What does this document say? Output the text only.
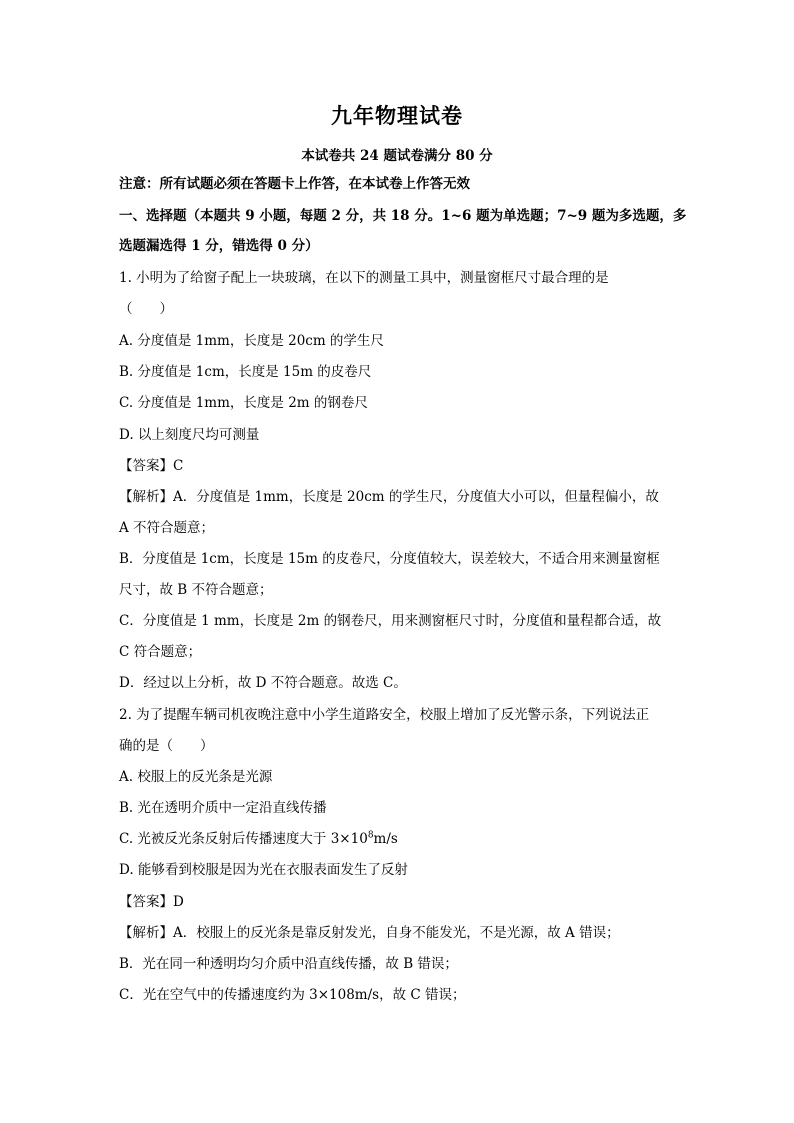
九年物理试卷
本试卷共 24 题试卷满分 80 分
注意：所有试题必须在答题卡上作答，在本试卷上作答无效
一、选择题（本题共 9 小题，每题 2 分，共 18 分。1~6 题为单选题；7~9 题为多选题，多
选题漏选得 1 分，错选得 0 分）
1. 小明为了给窗子配上一块玻璃，在以下的测量工具中，测量窗框尺寸最合理的是
（　　）
A. 分度值是 1mm，长度是 20cm 的学生尺
B. 分度值是 1cm，长度是 15m 的皮卷尺
C. 分度值是 1mm，长度是 2m 的钢卷尺
D. 以上刻度尺均可测量
【答案】C
【解析】A．分度值是 1mm，长度是 20cm 的学生尺，分度值大小可以，但量程偏小，故
A 不符合题意；
B．分度值是 1cm，长度是 15m 的皮卷尺，分度值较大，误差较大，不适合用来测量窗框
尺寸，故 B 不符合题意；
C．分度值是 1 mm，长度是 2m 的钢卷尺，用来测窗框尺寸时，分度值和量程都合适，故
C 符合题意；
D．经过以上分析，故 D 不符合题意。故选 C。
2. 为了提醒车辆司机夜晚注意中小学生道路安全，校服上增加了反光警示条，下列说法正
确的是（　　）
A. 校服上的反光条是光源
B. 光在透明介质中一定沿直线传播
C. 光被反光条反射后传播速度大于 $3\times 10^8m/s$
D. 能够看到校服是因为光在衣服表面发生了反射
【答案】D
【解析】A．校服上的反光条是靠反射发光，自身不能发光，不是光源，故 A 错误；
B．光在同一种透明均匀介质中沿直线传播，故 B 错误；
C．光在空气中的传播速度约为 3×108m/s，故 C 错误；
